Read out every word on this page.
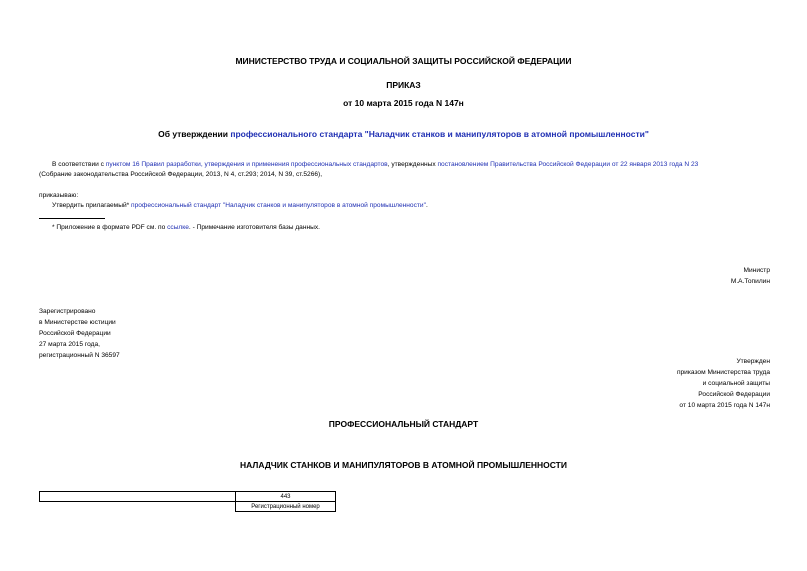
МИНИСТЕРСТВО ТРУДА И СОЦИАЛЬНОЙ ЗАЩИТЫ РОССИЙСКОЙ ФЕДЕРАЦИИ
ПРИКАЗ
от 10 марта 2015 года N 147н
Об утверждении профессионального стандарта "Наладчик станков и манипуляторов в атомной промышленности"
В соответствии с пунктом 16 Правил разработки, утверждения и применения профессиональных стандартов, утвержденных постановлением Правительства Российской Федерации от 22 января 2013 года N 23
(Собрание законодательства Российской Федерации, 2013, N 4, ст.293; 2014, N 39, ст.5266),
приказываю:
Утвердить прилагаемый* профессиональный стандарт "Наладчик станков и манипуляторов в атомной промышленности".
* Приложение в формате PDF см. по ссылке. - Примечание изготовителя базы данных.
Министр
М.А.Топилин
Зарегистрировано
в Министерстве юстиции
Российской Федерации
27 марта 2015 года,
регистрационный N 36597
Утвержден
приказом Министерства труда
и социальной защиты
Российской Федерации
от 10 марта 2015 года N 147н
ПРОФЕССИОНАЛЬНЫЙ СТАНДАРТ
НАЛАДЧИК СТАНКОВ И МАНИПУЛЯТОРОВ В АТОМНОЙ ПРОМЫШЛЕННОСТИ
	443
	Регистрационный номер
